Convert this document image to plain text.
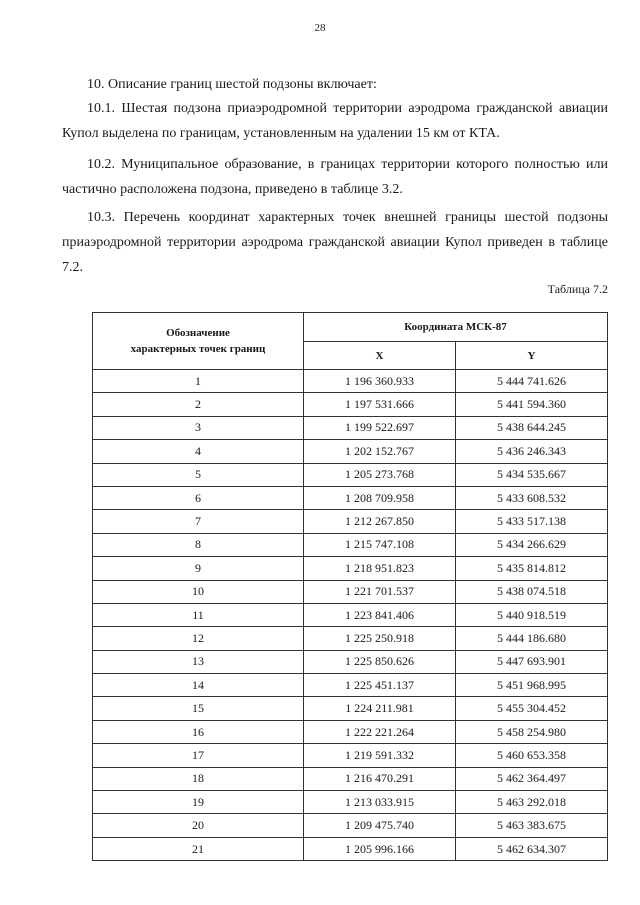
28

10. Описание границ шестой подзоны включает:

10.1. Шестая подзона приаэродромной территории аэродрома гражданской авиации Купол выделена по границам, установленным на удалении 15 км от КТА.

10.2. Муниципальное образование, в границах территории которого полностью или частично расположена подзона, приведено в таблице 3.2.

10.3. Перечень координат характерных точек внешней границы шестой подзоны приаэродромной территории аэродрома гражданской авиации Купол приведен в таблице 7.2.

Таблица 7.2
Обозначение
характерных точек границ	Координата МСК-87	
	X	Y
1	1 196 360.933	5 444 741.626
2	1 197 531.666	5 441 594.360
3	1 199 522.697	5 438 644.245
4	1 202 152.767	5 436 246.343
5	1 205 273.768	5 434 535.667
6	1 208 709.958	5 433 608.532
7	1 212 267.850	5 433 517.138
8	1 215 747.108	5 434 266.629
9	1 218 951.823	5 435 814.812
10	1 221 701.537	5 438 074.518
11	1 223 841.406	5 440 918.519
12	1 225 250.918	5 444 186.680
13	1 225 850.626	5 447 693.901
14	1 225 451.137	5 451 968.995
15	1 224 211.981	5 455 304.452
16	1 222 221.264	5 458 254.980
17	1 219 591.332	5 460 653.358
18	1 216 470.291	5 462 364.497
19	1 213 033.915	5 463 292.018
20	1 209 475.740	5 463 383.675
21	1 205 996.166	5 462 634.307
